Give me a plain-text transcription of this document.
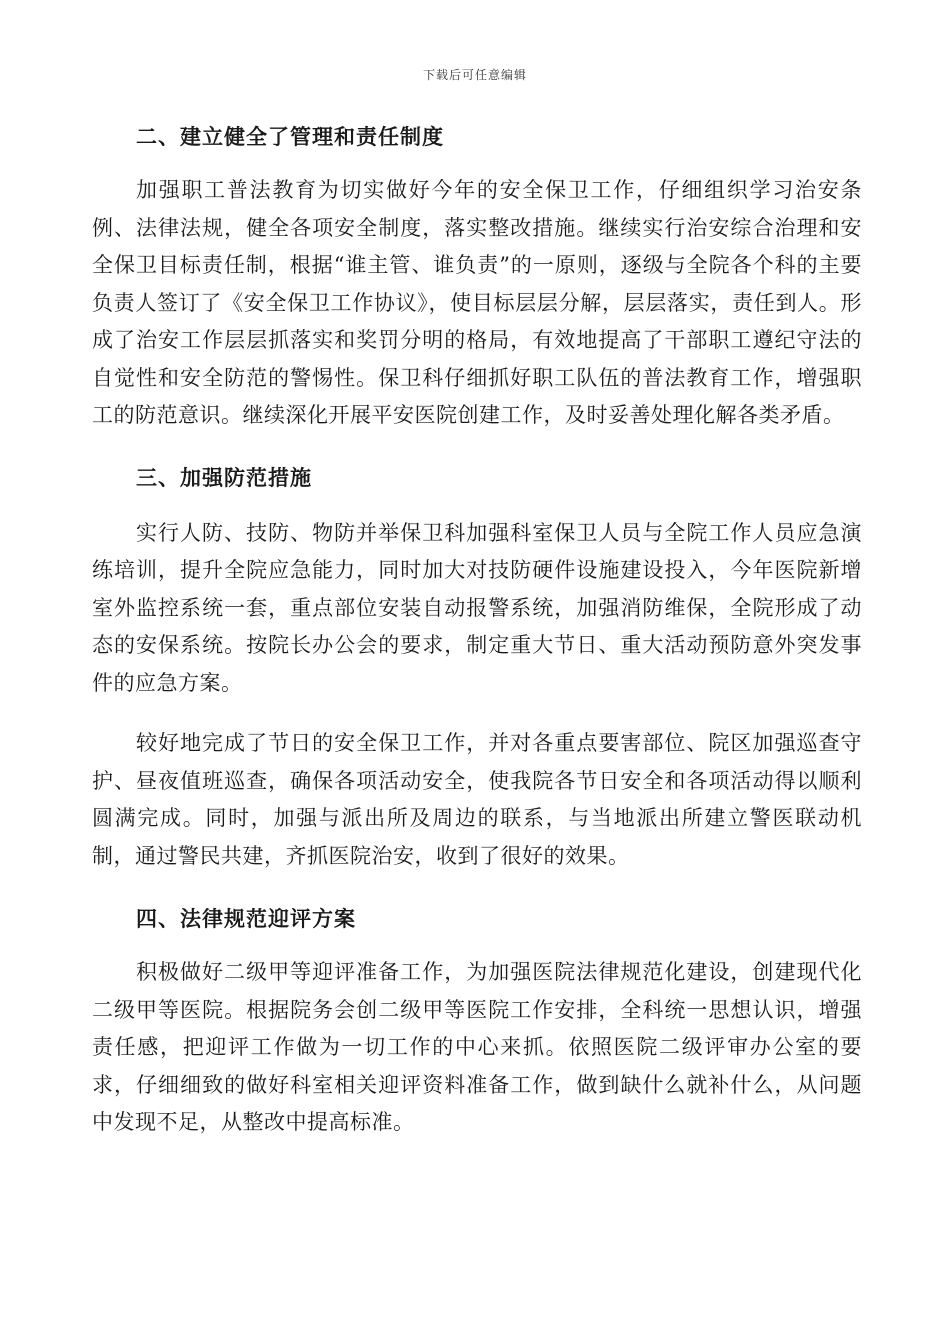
下载后可任意编辑
二、建立健全了管理和责任制度

加强职工普法教育为切实做好今年的安全保卫工作，仔细组织学习治安条例、法律法规，健全各项安全制度，落实整改措施。继续实行治安综合治理和安全保卫目标责任制，根据“谁主管、谁负责”的一原则，逐级与全院各个科的主要负责人签订了《安全保卫工作协议》，使目标层层分解，层层落实，责任到人。形成了治安工作层层抓落实和奖罚分明的格局，有效地提高了干部职工遵纪守法的自觉性和安全防范的警惕性。保卫科仔细抓好职工队伍的普法教育工作，增强职工的防范意识。继续深化开展平安医院创建工作，及时妥善处理化解各类矛盾。

三、加强防范措施

实行人防、技防、物防并举保卫科加强科室保卫人员与全院工作人员应急演练培训，提升全院应急能力，同时加大对技防硬件设施建设投入，今年医院新增室外监控系统一套，重点部位安装自动报警系统，加强消防维保，全院形成了动态的安保系统。按院长办公会的要求，制定重大节日、重大活动预防意外突发事件的应急方案。

较好地完成了节日的安全保卫工作，并对各重点要害部位、院区加强巡查守护、昼夜值班巡查，确保各项活动安全，使我院各节日安全和各项活动得以顺利圆满完成。同时，加强与派出所及周边的联系，与当地派出所建立警医联动机制，通过警民共建，齐抓医院治安，收到了很好的效果。

四、法律规范迎评方案

积极做好二级甲等迎评准备工作，为加强医院法律规范化建设，创建现代化二级甲等医院。根据院务会创二级甲等医院工作安排，全科统一思想认识，增强责任感，把迎评工作做为一切工作的中心来抓。依照医院二级评审办公室的要求，仔细细致的做好科室相关迎评资料准备工作，做到缺什么就补什么，从问题中发现不足，从整改中提高标准。
